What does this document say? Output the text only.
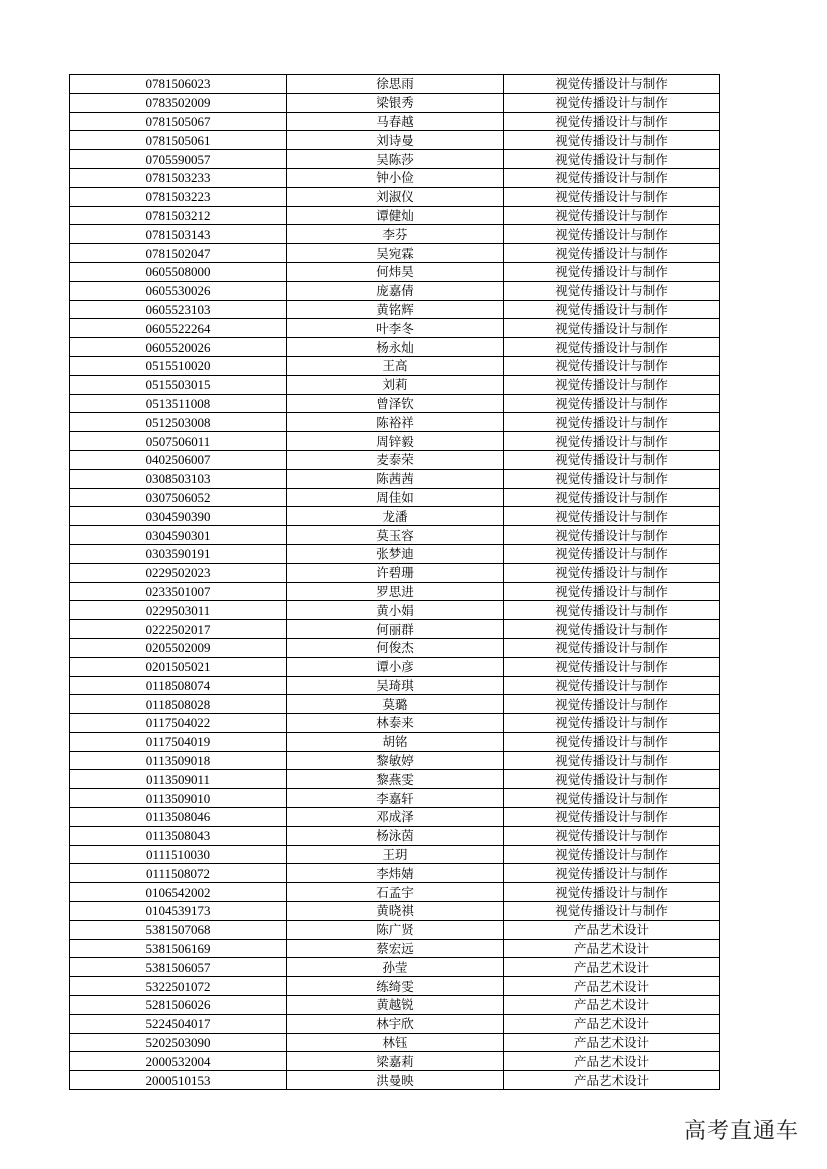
0781506023	徐思雨	视觉传播设计与制作
0783502009	梁银秀	视觉传播设计与制作
0781505067	马春越	视觉传播设计与制作
0781505061	刘诗曼	视觉传播设计与制作
0705590057	吴陈莎	视觉传播设计与制作
0781503233	钟小俭	视觉传播设计与制作
0781503223	刘淑仪	视觉传播设计与制作
0781503212	谭健灿	视觉传播设计与制作
0781503143	李芬	视觉传播设计与制作
0781502047	吴宛霖	视觉传播设计与制作
0605508000	何炜昊	视觉传播设计与制作
0605530026	庞嘉倩	视觉传播设计与制作
0605523103	黄铭辉	视觉传播设计与制作
0605522264	叶李冬	视觉传播设计与制作
0605520026	杨永灿	视觉传播设计与制作
0515510020	王高	视觉传播设计与制作
0515503015	刘莉	视觉传播设计与制作
0513511008	曾泽钦	视觉传播设计与制作
0512503008	陈裕祥	视觉传播设计与制作
0507506011	周锌毅	视觉传播设计与制作
0402506007	麦泰荣	视觉传播设计与制作
0308503103	陈茜茜	视觉传播设计与制作
0307506052	周佳如	视觉传播设计与制作
0304590390	龙潘	视觉传播设计与制作
0304590301	莫玉容	视觉传播设计与制作
0303590191	张梦迪	视觉传播设计与制作
0229502023	许碧珊	视觉传播设计与制作
0233501007	罗思进	视觉传播设计与制作
0229503011	黄小娟	视觉传播设计与制作
0222502017	何丽群	视觉传播设计与制作
0205502009	何俊杰	视觉传播设计与制作
0201505021	谭小彦	视觉传播设计与制作
0118508074	吴琦琪	视觉传播设计与制作
0118508028	莫璐	视觉传播设计与制作
0117504022	林泰来	视觉传播设计与制作
0117504019	胡铭	视觉传播设计与制作
0113509018	黎敏婷	视觉传播设计与制作
0113509011	黎燕雯	视觉传播设计与制作
0113509010	李嘉轩	视觉传播设计与制作
0113508046	邓成泽	视觉传播设计与制作
0113508043	杨泳茵	视觉传播设计与制作
0111510030	王玥	视觉传播设计与制作
0111508072	李炜婧	视觉传播设计与制作
0106542002	石孟宇	视觉传播设计与制作
0104539173	黄晓祺	视觉传播设计与制作
5381507068	陈广贤	产品艺术设计
5381506169	蔡宏远	产品艺术设计
5381506057	孙莹	产品艺术设计
5322501072	练绮雯	产品艺术设计
5281506026	黄越锐	产品艺术设计
5224504017	林宇欣	产品艺术设计
5202503090	林钰	产品艺术设计
2000532004	梁嘉莉	产品艺术设计
2000510153	洪曼映	产品艺术设计
高考直通车
